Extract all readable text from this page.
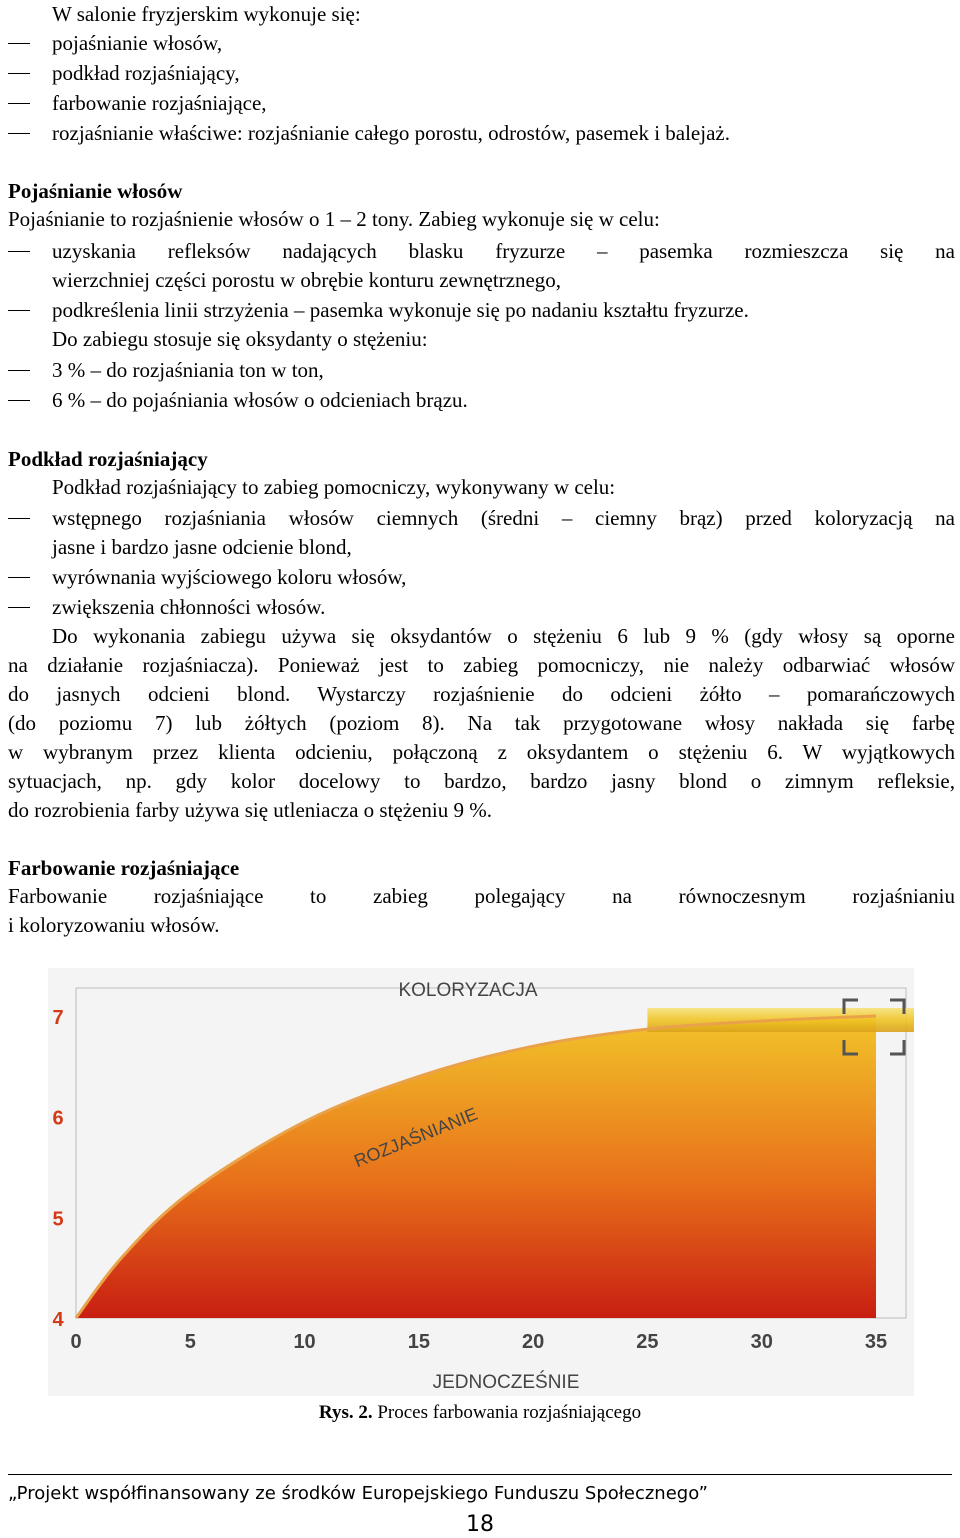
W salonie fryzjerskim wykonuje się:
pojaśnianie włosów,
podkład rozjaśniający,
farbowanie rozjaśniające,
rozjaśnianie właściwe: rozjaśnianie całego porostu, odrostów, pasemek i balejaż.
Pojaśnianie włosów
Pojaśnianie to rozjaśnienie włosów o 1 – 2 tony. Zabieg wykonuje się w celu:
uzyskania refleksów nadających blasku fryzurze – pasemka rozmieszcza się na
wierzchniej części porostu w obrębie konturu zewnętrznego,
podkreślenia linii strzyżenia – pasemka wykonuje się po nadaniu kształtu fryzurze.
Do zabiegu stosuje się oksydanty o stężeniu:
3 % – do rozjaśniania ton w ton,
6 % – do pojaśniania włosów o odcieniach brązu.
Podkład rozjaśniający
Podkład rozjaśniający to zabieg pomocniczy, wykonywany w celu:
wstępnego rozjaśniania włosów ciemnych (średni – ciemny brąz) przed koloryzacją na
jasne i bardzo jasne odcienie blond,
wyrównania wyjściowego koloru włosów,
zwiększenia chłonności włosów.
Do wykonania zabiegu używa się oksydantów o stężeniu 6 lub 9 % (gdy włosy są oporne
na działanie rozjaśniacza). Ponieważ jest to zabieg pomocniczy, nie należy odbarwiać włosów
do jasnych odcieni blond. Wystarczy rozjaśnienie do odcieni żółto – pomarańczowych
(do poziomu 7) lub żółtych (poziom 8). Na tak przygotowane włosy nakłada się farbę
w wybranym przez klienta odcieniu, połączoną z oksydantem o stężeniu 6. W wyjątkowych
sytuacjach, np. gdy kolor docelowy to bardzo, bardzo jasny blond o zimnym refleksie,
do rozrobienia farby używa się utleniacza o stężeniu 9 %.
Farbowanie rozjaśniające
Farbowanie rozjaśniające to zabieg polegający na równoczesnym rozjaśnianiu
i koloryzowaniu włosów.
KOLORYZACJA
ROZJAŚNIANIE
JEDNOCZEŚNIE
0	5	10	15	20	25	30	35
4
5
6
7
Rys. 2. Proces farbowania rozjaśniającego
„Projekt współfinansowany ze środków Europejskiego Funduszu Społecznego”
18
